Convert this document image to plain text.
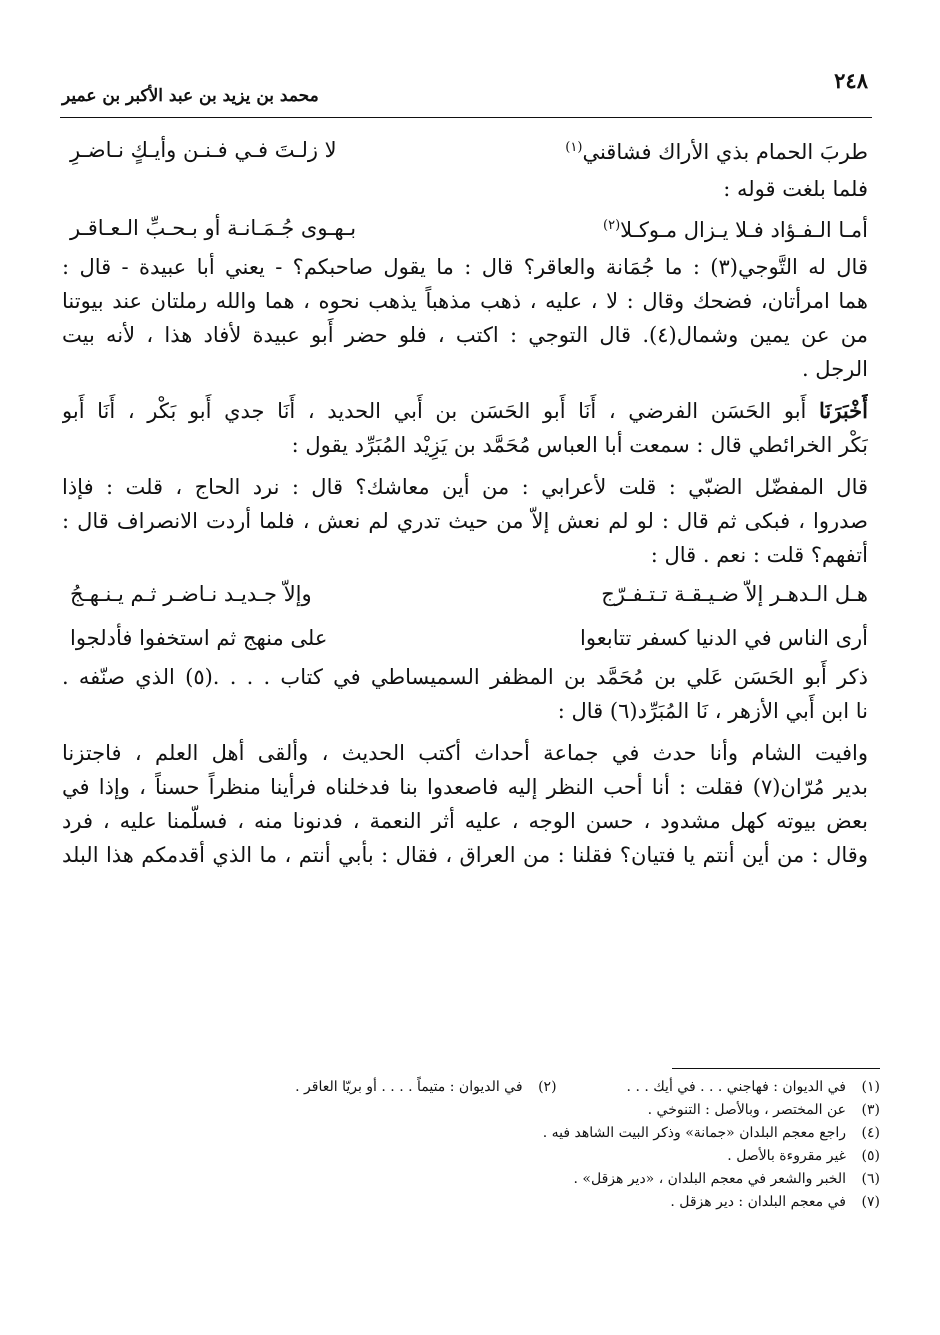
٢٤٨
محمد بن يزيد بن عبد الأكبر بن عمير
طربَ الحمام بذي الأراك فشاقني$^{(١)}$
لا زلـتَ فـي فـنـن وأيـكٍ نـاضـرِ
فلما بلغت قوله :
أمـا الـفـؤاد فـلا يـزال مـوكـلا$^{(٢)}$
بـهـوى جُـمَـانـة أو بـحـبِّ الـعـاقـر
قال له التَّوجي(٣) : ما جُمَانة والعاقر؟ قال : ما يقول صاحبكم؟ - يعني أبا عبيدة - قال :
هما امرأتان، فضحك وقال : لا ، عليه ، ذهب مذهباً يذهب نحوه ، هما والله رملتان عند بيوتنا
من عن يمين وشمال(٤). قال التوجي : اكتب ، فلو حضر أَبو عبيدة لأفاد هذا ، لأنه بيت
الرجل .
أَخْبَرَنَا أَبو الحَسَن الفرضي ، أَنَا أَبو الحَسَن بن أَبي الحديد ، أَنَا جدي أَبو بَكْر ، أَنَا أَبو
بَكْر الخرائطي قال : سمعت أبا العباس مُحَمَّد بن يَزِيْد المُبَرِّد يقول :
قال المفضّل الضبّي : قلت لأعرابي : من أين معاشك؟ قال : نرد الحاج ، قلت : فإذا
صدروا ، فبكى ثم قال : لو لم نعش إلاّ من حيث تدري لم نعش ، فلما أردت الانصراف قال :
أتفهم؟ قلت : نعم . قال :
هـل الـدهـر إلاّ ضـيـقـة تـتـفـرّج
وإلاّ جـديـد نـاضـر ثـم يـنـهـجُ
أرى الناس في الدنيا كسفر تتابعوا
على منهج ثم استخفوا فأدلجوا
ذكر أَبو الحَسَن عَلي بن مُحَمَّد بن المظفر السميساطي في كتاب . . . .(٥) الذي صنّفه .
نا ابن أَبي الأزهر ، نَا المُبَرِّد(٦) قال :
وافيت الشام وأنا حدث في جماعة أحداث أكتب الحديث ، وألقى أهل العلم ، فاجتزنا
بدير مُرّان(٧) فقلت : أنا أحب النظر إليه فاصعدوا بنا فدخلناه فرأينا منظراً حسناً ، وإذا في
بعض بيوته كهل مشدود ، حسن الوجه ، عليه أثر النعمة ، فدنونا منه ، فسلّمنا عليه ، فرد
وقال : من أين أنتم يا فتيان؟ فقلنا : من العراق ، فقال : بأبي أنتم ، ما الذي أقدمكم هذا البلد
(١)
في الديوان : فهاجني . . . في أيك . . .
(٢)
في الديوان : متيماً . . . . أو بريّا العاقر .
(٣)
عن المختصر ، وبالأصل : التنوخي .
(٤)
راجع معجم البلدان «جمانة» وذكر البيت الشاهد فيه .
(٥)
غير مقروءة بالأصل .
(٦)
الخبر والشعر في معجم البلدان ، «دير هزقل» .
(٧)
في معجم البلدان : دير هزقل .
